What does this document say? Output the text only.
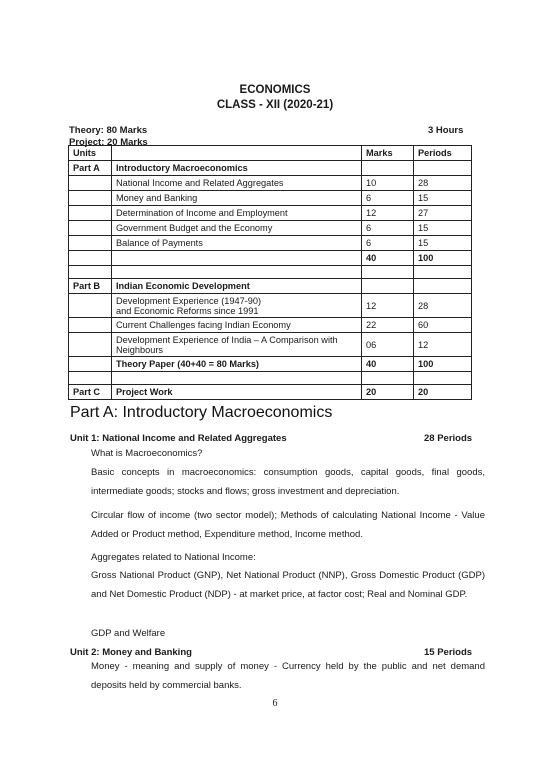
ECONOMICS
CLASS - XII (2020-21)
Theory: 80 Marks	3 Hours
Project: 20 Marks
Units		Marks	Periods
Part A	Introductory Macroeconomics		
	National Income and Related Aggregates	10	28
	Money and Banking	6	15
	Determination of Income and Employment	12	27
	Government Budget and the Economy	6	15
	Balance of Payments	6	15
		40	100

Part B	Indian Economic Development		
	Development Experience (1947-90)
and Economic Reforms since 1991	12	28
	Current Challenges facing Indian Economy	22	60
	Development Experience of India – A Comparison with Neighbours	06	12
	Theory Paper (40+40 = 80 Marks)	40	100

Part C	Project Work	20	20
Part A: Introductory Macroeconomics
Unit 1: National Income and Related Aggregates	28 Periods
What is Macroeconomics?
Basic concepts in macroeconomics: consumption goods, capital goods, final goods, intermediate goods; stocks and flows; gross investment and depreciation.
Circular flow of income (two sector model); Methods of calculating National Income - Value Added or Product method, Expenditure method, Income method.
Aggregates related to National Income:
Gross National Product (GNP), Net National Product (NNP), Gross Domestic Product (GDP) and Net Domestic Product (NDP) - at market price, at factor cost; Real and Nominal GDP.
GDP and Welfare
Unit 2: Money and Banking	15 Periods
Money - meaning and supply of money - Currency held by the public and net demand deposits held by commercial banks.
6
